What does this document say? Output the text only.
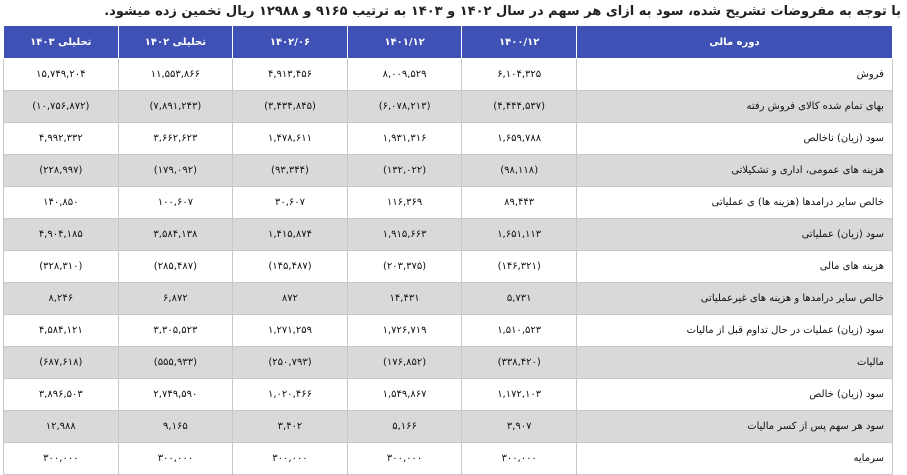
با توجه به مفروضات تشریح شده، سود به ازای هر سهم در سال ۱۴۰۲ و ۱۴۰۳ به ترتیب ۹۱۶۵ و ۱۲۹۸۸ ریال تخمین زده میشود.
دوره مالی	۱۴۰۰/۱۲	۱۴۰۱/۱۲	۱۴۰۲/۰۶	تحلیلی ۱۴۰۲	تحلیلی ۱۴۰۳
فروش	۶,۱۰۴,۳۲۵	۸,۰۰۹,۵۲۹	۴,۹۱۳,۴۵۶	۱۱,۵۵۳,۸۶۶	۱۵,۷۴۹,۲۰۴
بهای تمام شده کالای فروش رفته	(۴,۴۴۴,۵۳۷)	(۶,۰۷۸,۲۱۳)	(۳,۴۳۴,۸۴۵)	(۷,۸۹۱,۲۴۳)	(۱۰,۷۵۶,۸۷۲)
سود (زیان) ناخالص	۱,۶۵۹,۷۸۸	۱,۹۳۱,۳۱۶	۱,۴۷۸,۶۱۱	۳,۶۶۲,۶۲۳	۴,۹۹۲,۳۳۲
هزینه های عمومی، اداری و تشکیلاتی	(۹۸,۱۱۸)	(۱۳۲,۰۲۲)	(۹۳,۳۴۴)	(۱۷۹,۰۹۲)	(۲۲۸,۹۹۷)
خالص سایر درامدها (هزینه ها) ی عملیاتی	۸۹,۴۴۳	۱۱۶,۳۶۹	۳۰,۶۰۷	۱۰۰,۶۰۷	۱۴۰,۸۵۰
سود (زیان) عملیاتی	۱,۶۵۱,۱۱۳	۱,۹۱۵,۶۶۳	۱,۴۱۵,۸۷۴	۳,۵۸۴,۱۳۸	۴,۹۰۴,۱۸۵
هزینه های مالی	(۱۴۶,۳۲۱)	(۲۰۳,۳۷۵)	(۱۴۵,۴۸۷)	(۲۸۵,۴۸۷)	(۳۲۸,۳۱۰)
خالص سایر درامدها و هزینه های غیرعملیاتی	۵,۷۳۱	۱۴,۴۳۱	۸۷۲	۶,۸۷۲	۸,۲۴۶
سود (زیان) عملیات در حال تداوم قبل از مالیات	۱,۵۱۰,۵۲۳	۱,۷۲۶,۷۱۹	۱,۲۷۱,۲۵۹	۳,۳۰۵,۵۲۳	۴,۵۸۴,۱۲۱
مالیات	(۳۳۸,۴۲۰)	(۱۷۶,۸۵۲)	(۲۵۰,۷۹۳)	(۵۵۵,۹۳۳)	(۶۸۷,۶۱۸)
سود (زیان) خالص	۱,۱۷۲,۱۰۳	۱,۵۴۹,۸۶۷	۱,۰۲۰,۴۶۶	۲,۷۴۹,۵۹۰	۳,۸۹۶,۵۰۳
سود هر سهم پس از کسر مالیات	۳,۹۰۷	۵,۱۶۶	۳,۴۰۲	۹,۱۶۵	۱۲,۹۸۸
سرمایه	۳۰۰,۰۰۰	۳۰۰,۰۰۰	۳۰۰,۰۰۰	۳۰۰,۰۰۰	۳۰۰,۰۰۰
